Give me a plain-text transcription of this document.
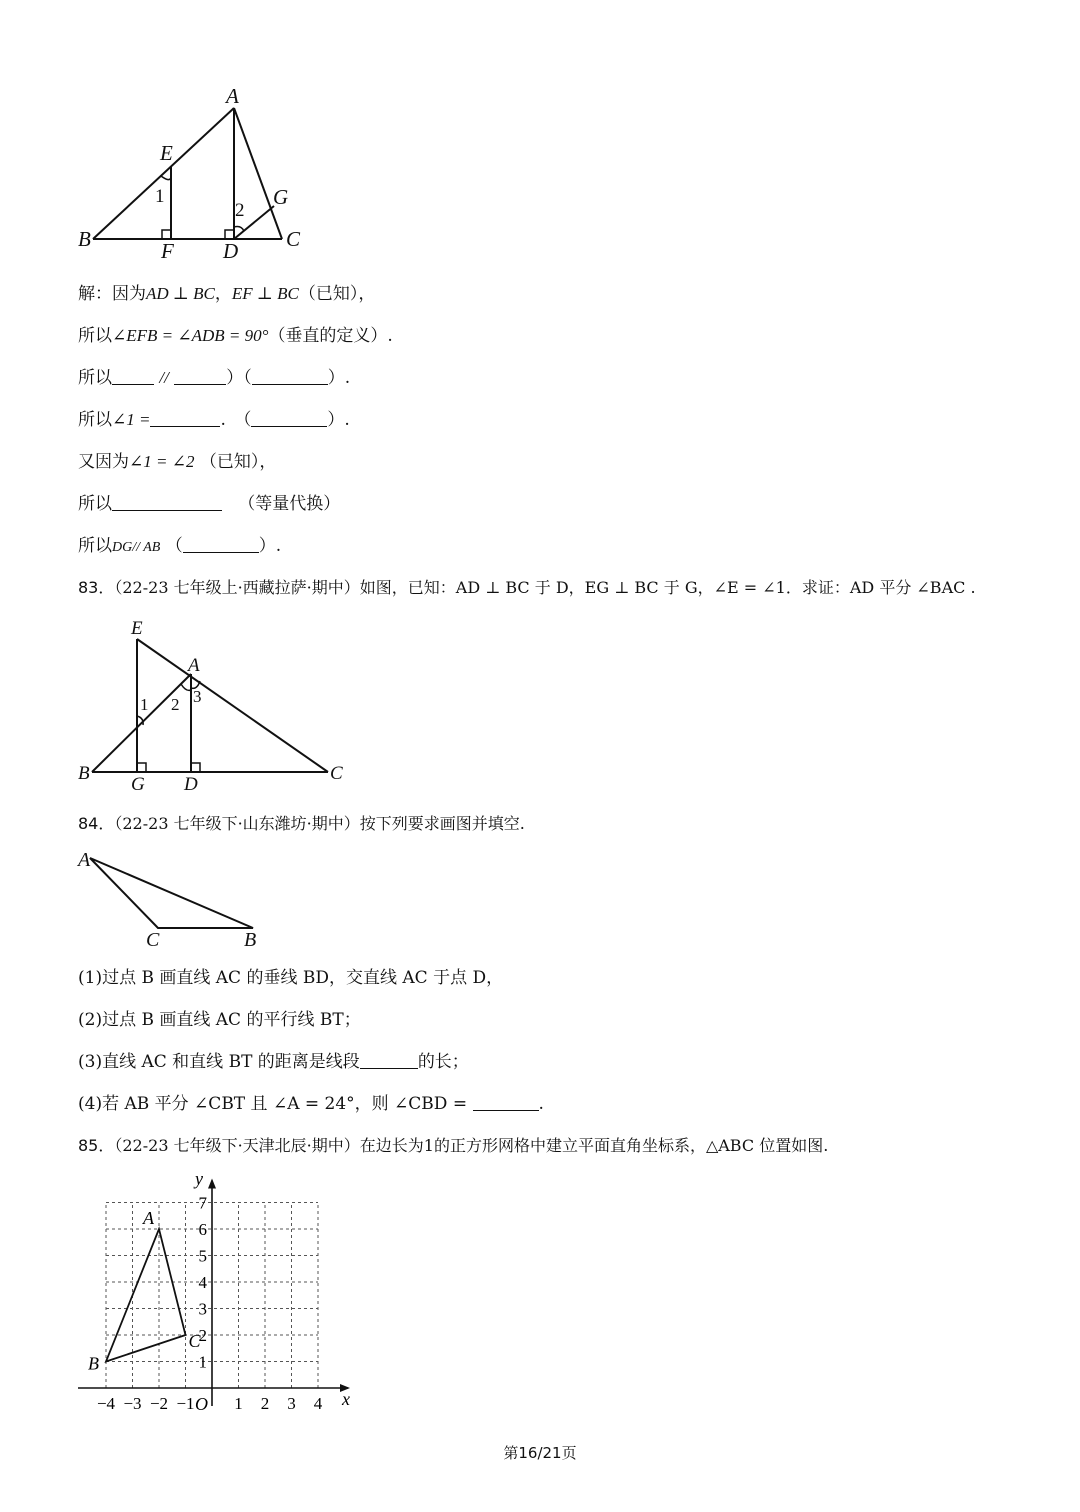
A
E
1
2
G
B	F D C
解：因为AD ⊥ BC，EF ⊥ BC（已知），
所以∠EFB = ∠ADB = 90°（垂直的定义）.
所以	//	）（	）.
所以∠1 =	.　（	）.
又因为∠1 = ∠2 （已知），
所以	（等量代换）
所以DG// AB （	）.
83．（22-23 七年级上·西藏拉萨·期中）如图，已知：AD ⊥ BC 于 D，EG ⊥ BC 于 G，∠E = ∠1．求证：AD 平分 ∠BAC .
E
A
1 2 3
B
G D
C
84．（22-23 七年级下·山东潍坊·期中）按下列要求画图并填空.
A
C	B
(1)过点 B 画直线 AC 的垂线 BD，交直线 AC 于点 D，
(2)过点 B 画直线 AC 的平行线 BT；
(3)直线 AC 和直线 BT 的距离是线段	的长；
(4)若 AB 平分 ∠CBT 且 ∠A = 24°，则 ∠CBD =	.
85．（22-23 七年级下·天津北辰·期中）在边长为1的正方形网格中建立平面直角坐标系，△ABC 位置如图.
x
y
−4 −3 −2 −1 1 2 3 4
1
2
3
4
5
6
7
O
A
B
C
第16/21页
